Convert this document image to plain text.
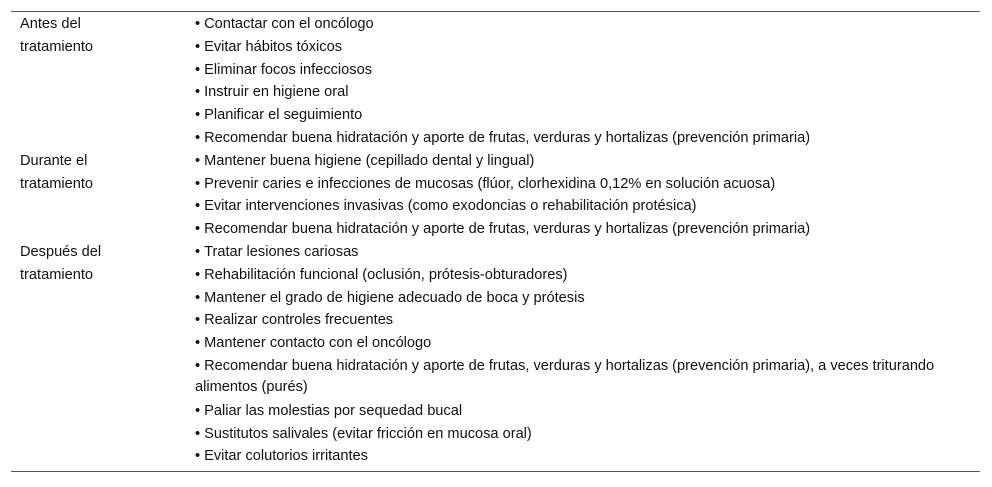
Antes del
tratamiento
• Contactar con el oncólogo
• Evitar hábitos tóxicos
• Eliminar focos infecciosos
• Instruir en higiene oral
• Planificar el seguimiento
• Recomendar buena hidratación y aporte de frutas, verduras y hortalizas (prevención primaria)
Durante el
tratamiento
• Mantener buena higiene (cepillado dental y lingual)
• Prevenir caries e infecciones de mucosas (flúor, clorhexidina 0,12% en solución acuosa)
• Evitar intervenciones invasivas (como exodoncias o rehabilitación protésica)
• Recomendar buena hidratación y aporte de frutas, verduras y hortalizas (prevención primaria)
Después del
tratamiento
• Tratar lesiones cariosas
• Rehabilitación funcional (oclusión, prótesis-obturadores)
• Mantener el grado de higiene adecuado de boca y prótesis
• Realizar controles frecuentes
• Mantener contacto con el oncólogo
• Recomendar buena hidratación y aporte de frutas, verduras y hortalizas (prevención primaria), a veces triturando alimentos (purés)
• Paliar las molestias por sequedad bucal
• Sustitutos salivales (evitar fricción en mucosa oral)
• Evitar colutorios irritantes
